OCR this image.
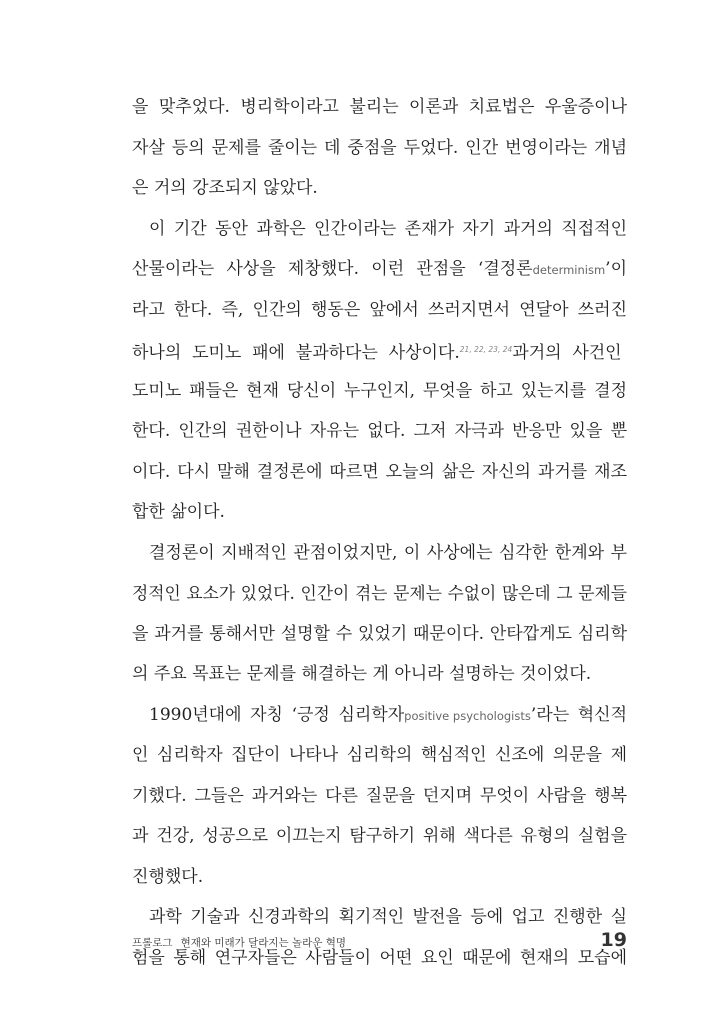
을 맞추었다. 병리학이라고 불리는 이론과 치료법은 우울증이나
자살 등의 문제를 줄이는 데 중점을 두었다. 인간 번영이라는 개념
은 거의 강조되지 않았다.
이 기간 동안 과학은 인간이라는 존재가 자기 과거의 직접적인
산물이라는 사상을 제창했다. 이런 관점을 ‘결정론determinism’이
라고 한다. 즉, 인간의 행동은 앞에서 쓰러지면서 연달아 쓰러진
하나의 도미노 패에 불과하다는 사상이다.21, 22, 23, 24과거의 사건인
도미노 패들은 현재 당신이 누구인지, 무엇을 하고 있는지를 결정
한다. 인간의 권한이나 자유는 없다. 그저 자극과 반응만 있을 뿐
이다. 다시 말해 결정론에 따르면 오늘의 삶은 자신의 과거를 재조
합한 삶이다.
결정론이 지배적인 관점이었지만, 이 사상에는 심각한 한계와 부
정적인 요소가 있었다. 인간이 겪는 문제는 수없이 많은데 그 문제들
을 과거를 통해서만 설명할 수 있었기 때문이다. 안타깝게도 심리학
의 주요 목표는 문제를 해결하는 게 아니라 설명하는 것이었다.
1990년대에 자칭 ‘긍정 심리학자positive psychologists’라는 혁신적
인 심리학자 집단이 나타나 심리학의 핵심적인 신조에 의문을 제
기했다. 그들은 과거와는 다른 질문을 던지며 무엇이 사람을 행복
과 건강, 성공으로 이끄는지 탐구하기 위해 색다른 유형의 실험을
진행했다.
과학 기술과 신경과학의 획기적인 발전을 등에 업고 진행한 실
험을 통해 연구자들은 사람들이 어떤 요인 때문에 현재의 모습에
프롤로그 현재와 미래가 달라지는 놀라운 혁명	19
